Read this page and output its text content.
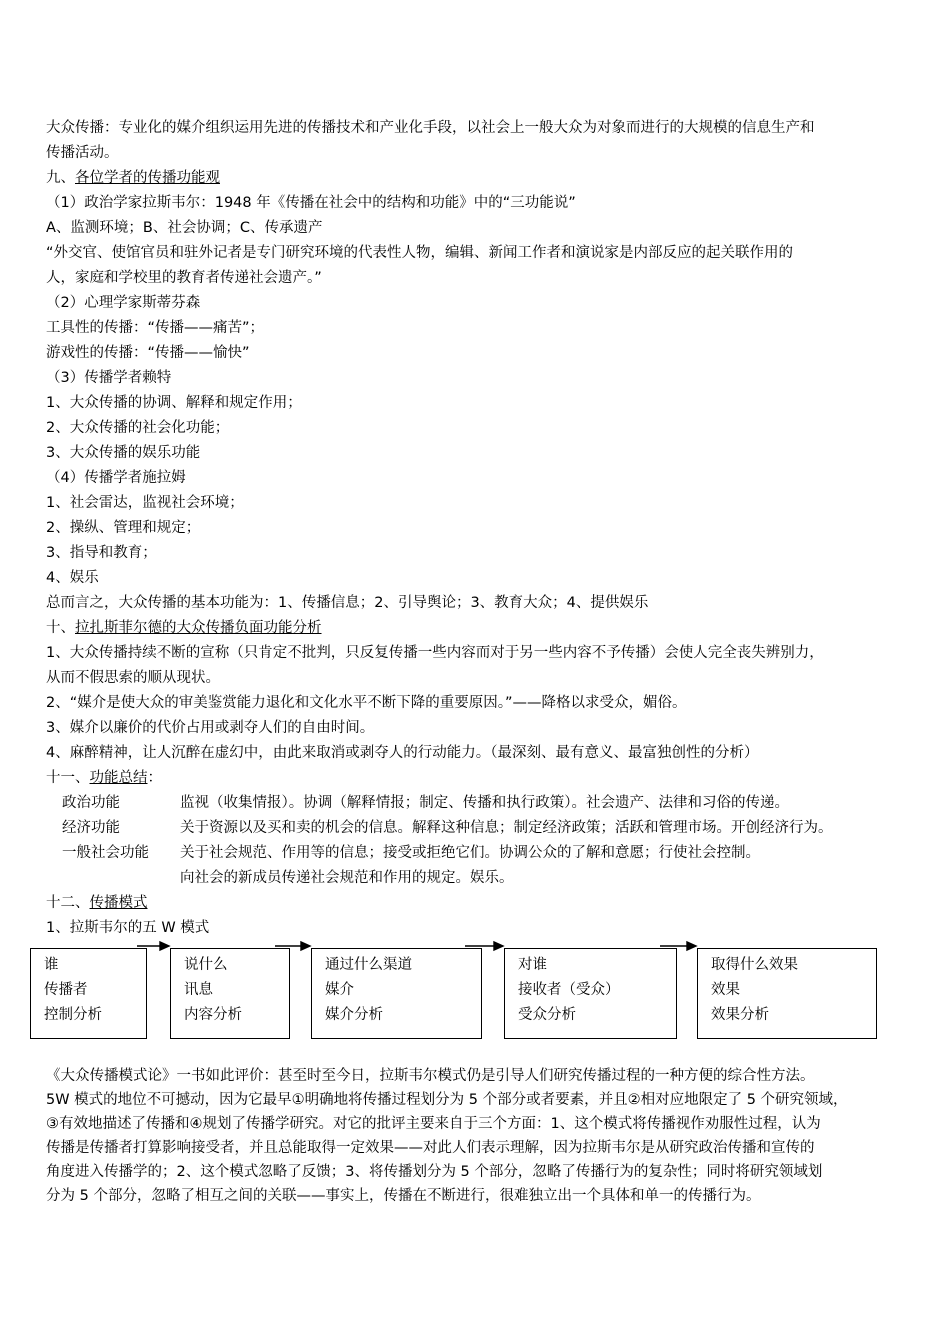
大众传播：专业化的媒介组织运用先进的传播技术和产业化手段，以社会上一般大众为对象而进行的大规模的信息生产和
传播活动。
九、各位学者的传播功能观
（1）政治学家拉斯韦尔：1948 年《传播在社会中的结构和功能》中的“三功能说”
A、监测环境；B、社会协调；C、传承遗产
“外交官、使馆官员和驻外记者是专门研究环境的代表性人物，编辑、新闻工作者和演说家是内部反应的起关联作用的
人，家庭和学校里的教育者传递社会遗产。”
（2）心理学家斯蒂芬森
工具性的传播：“传播——痛苦”；
游戏性的传播：“传播——愉快”
（3）传播学者赖特
1、大众传播的协调、解释和规定作用；
2、大众传播的社会化功能；
3、大众传播的娱乐功能
（4）传播学者施拉姆
1、社会雷达，监视社会环境；
2、操纵、管理和规定；
3、指导和教育；
4、娱乐
总而言之，大众传播的基本功能为：1、传播信息；2、引导舆论；3、教育大众；4、提供娱乐
十、拉扎斯菲尔德的大众传播负面功能分析
1、大众传播持续不断的宣称（只肯定不批判，只反复传播一些内容而对于另一些内容不予传播）会使人完全丧失辨别力，
从而不假思索的顺从现状。
2、“媒介是使大众的审美鉴赏能力退化和文化水平不断下降的重要原因。”——降格以求受众，媚俗。
3、媒介以廉价的代价占用或剥夺人们的自由时间。
4、麻醉精神，让人沉醉在虚幻中，由此来取消或剥夺人的行动能力。（最深刻、最有意义、最富独创性的分析）
十一、功能总结：
政治功能	监视（收集情报）。协调（解释情报；制定、传播和执行政策）。社会遗产、法律和习俗的传递。
经济功能	关于资源以及买和卖的机会的信息。解释这种信息；制定经济政策；活跃和管理市场。开创经济行为。
一般社会功能 关于社会规范、作用等的信息；接受或拒绝它们。协调公众的了解和意愿；行使社会控制。
向社会的新成员传递社会规范和作用的规定。娱乐。
十二、传播模式
1、拉斯韦尔的五 W 模式
谁
传播者
控制分析
说什么
讯息
内容分析
通过什么渠道
媒介
媒介分析
对谁
接收者（受众）
受众分析
取得什么效果
效果
效果分析
《大众传播模式论》一书如此评价：甚至时至今日，拉斯韦尔模式仍是引导人们研究传播过程的一种方便的综合性方法。
5W 模式的地位不可撼动，因为它最早①明确地将传播过程划分为 5 个部分或者要素，并且②相对应地限定了 5 个研究领域，
③有效地描述了传播和④规划了传播学研究。对它的批评主要来自于三个方面：1、这个模式将传播视作劝服性过程，认为
传播是传播者打算影响接受者，并且总能取得一定效果——对此人们表示理解，因为拉斯韦尔是从研究政治传播和宣传的
角度进入传播学的；2、这个模式忽略了反馈；3、将传播划分为 5 个部分，忽略了传播行为的复杂性；同时将研究领域划
分为 5 个部分，忽略了相互之间的关联——事实上，传播在不断进行，很难独立出一个具体和单一的传播行为。
